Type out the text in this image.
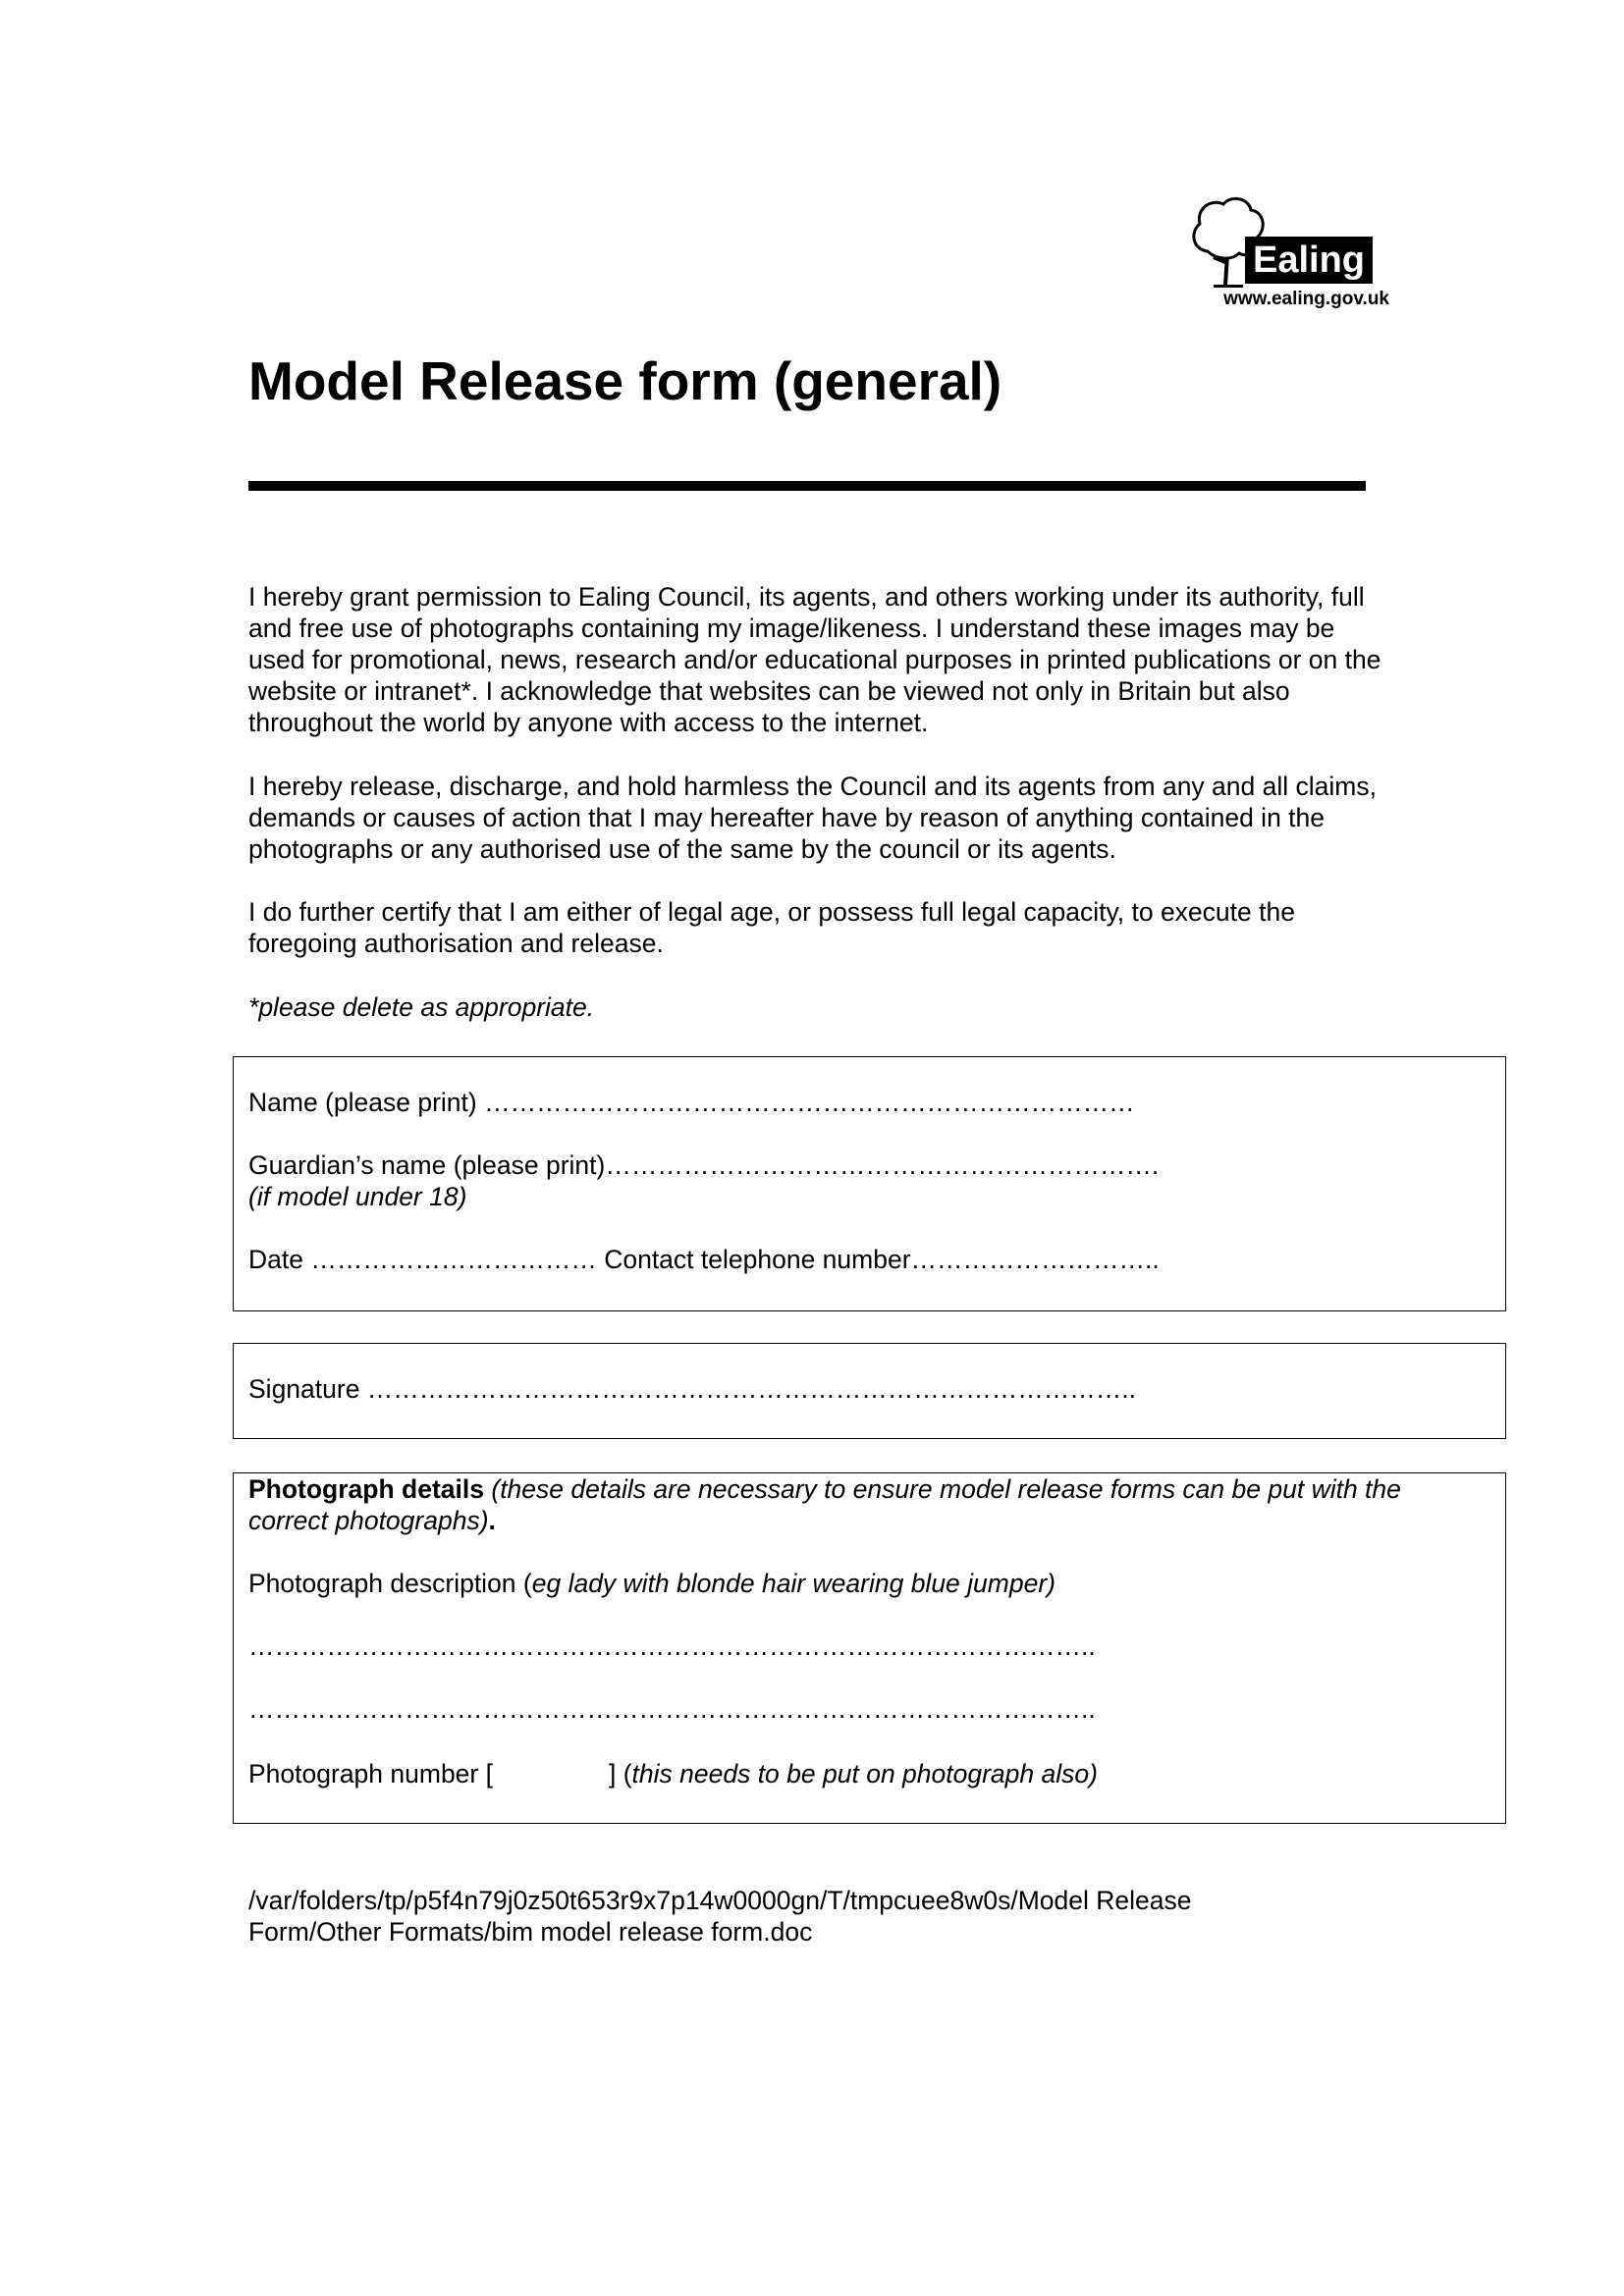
Ealing
www.ealing.gov.uk
Model Release form (general)

I hereby grant permission to Ealing Council, its agents, and others working under its authority, full and free use of photographs containing my image/likeness. I understand these images may be used for promotional, news, research and/or educational purposes in printed publications or on the website or intranet*. I acknowledge that websites can be viewed not only in Britain but also throughout the world by anyone with access to the internet.

I hereby release, discharge, and hold harmless the Council and its agents from any and all claims, demands or causes of action that I may hereafter have by reason of anything contained in the photographs or any authorised use of the same by the council or its agents.

I do further certify that I am either of legal age, or possess full legal capacity, to execute the foregoing authorisation and release.

*please delete as appropriate.

Name (please print) …………………………………………………………………
Guardian’s name (please print)……………………………………………………….
(if model under 18)
Date …………………………… Contact telephone number………………………..
Signature ……………………………………………………………………………..
Photograph details (these details are necessary to ensure model release forms can be put with the correct photographs).
Photograph description (eg lady with blonde hair wearing blue jumper)
……………………………………………………………………………………..
……………………………………………………………………………………..
Photograph number [	] (this needs to be put on photograph also)

/var/folders/tp/p5f4n79j0z50t653r9x7p14w0000gn/T/tmpcuee8w0s/Model Release Form/Other Formats/bim model release form.doc
